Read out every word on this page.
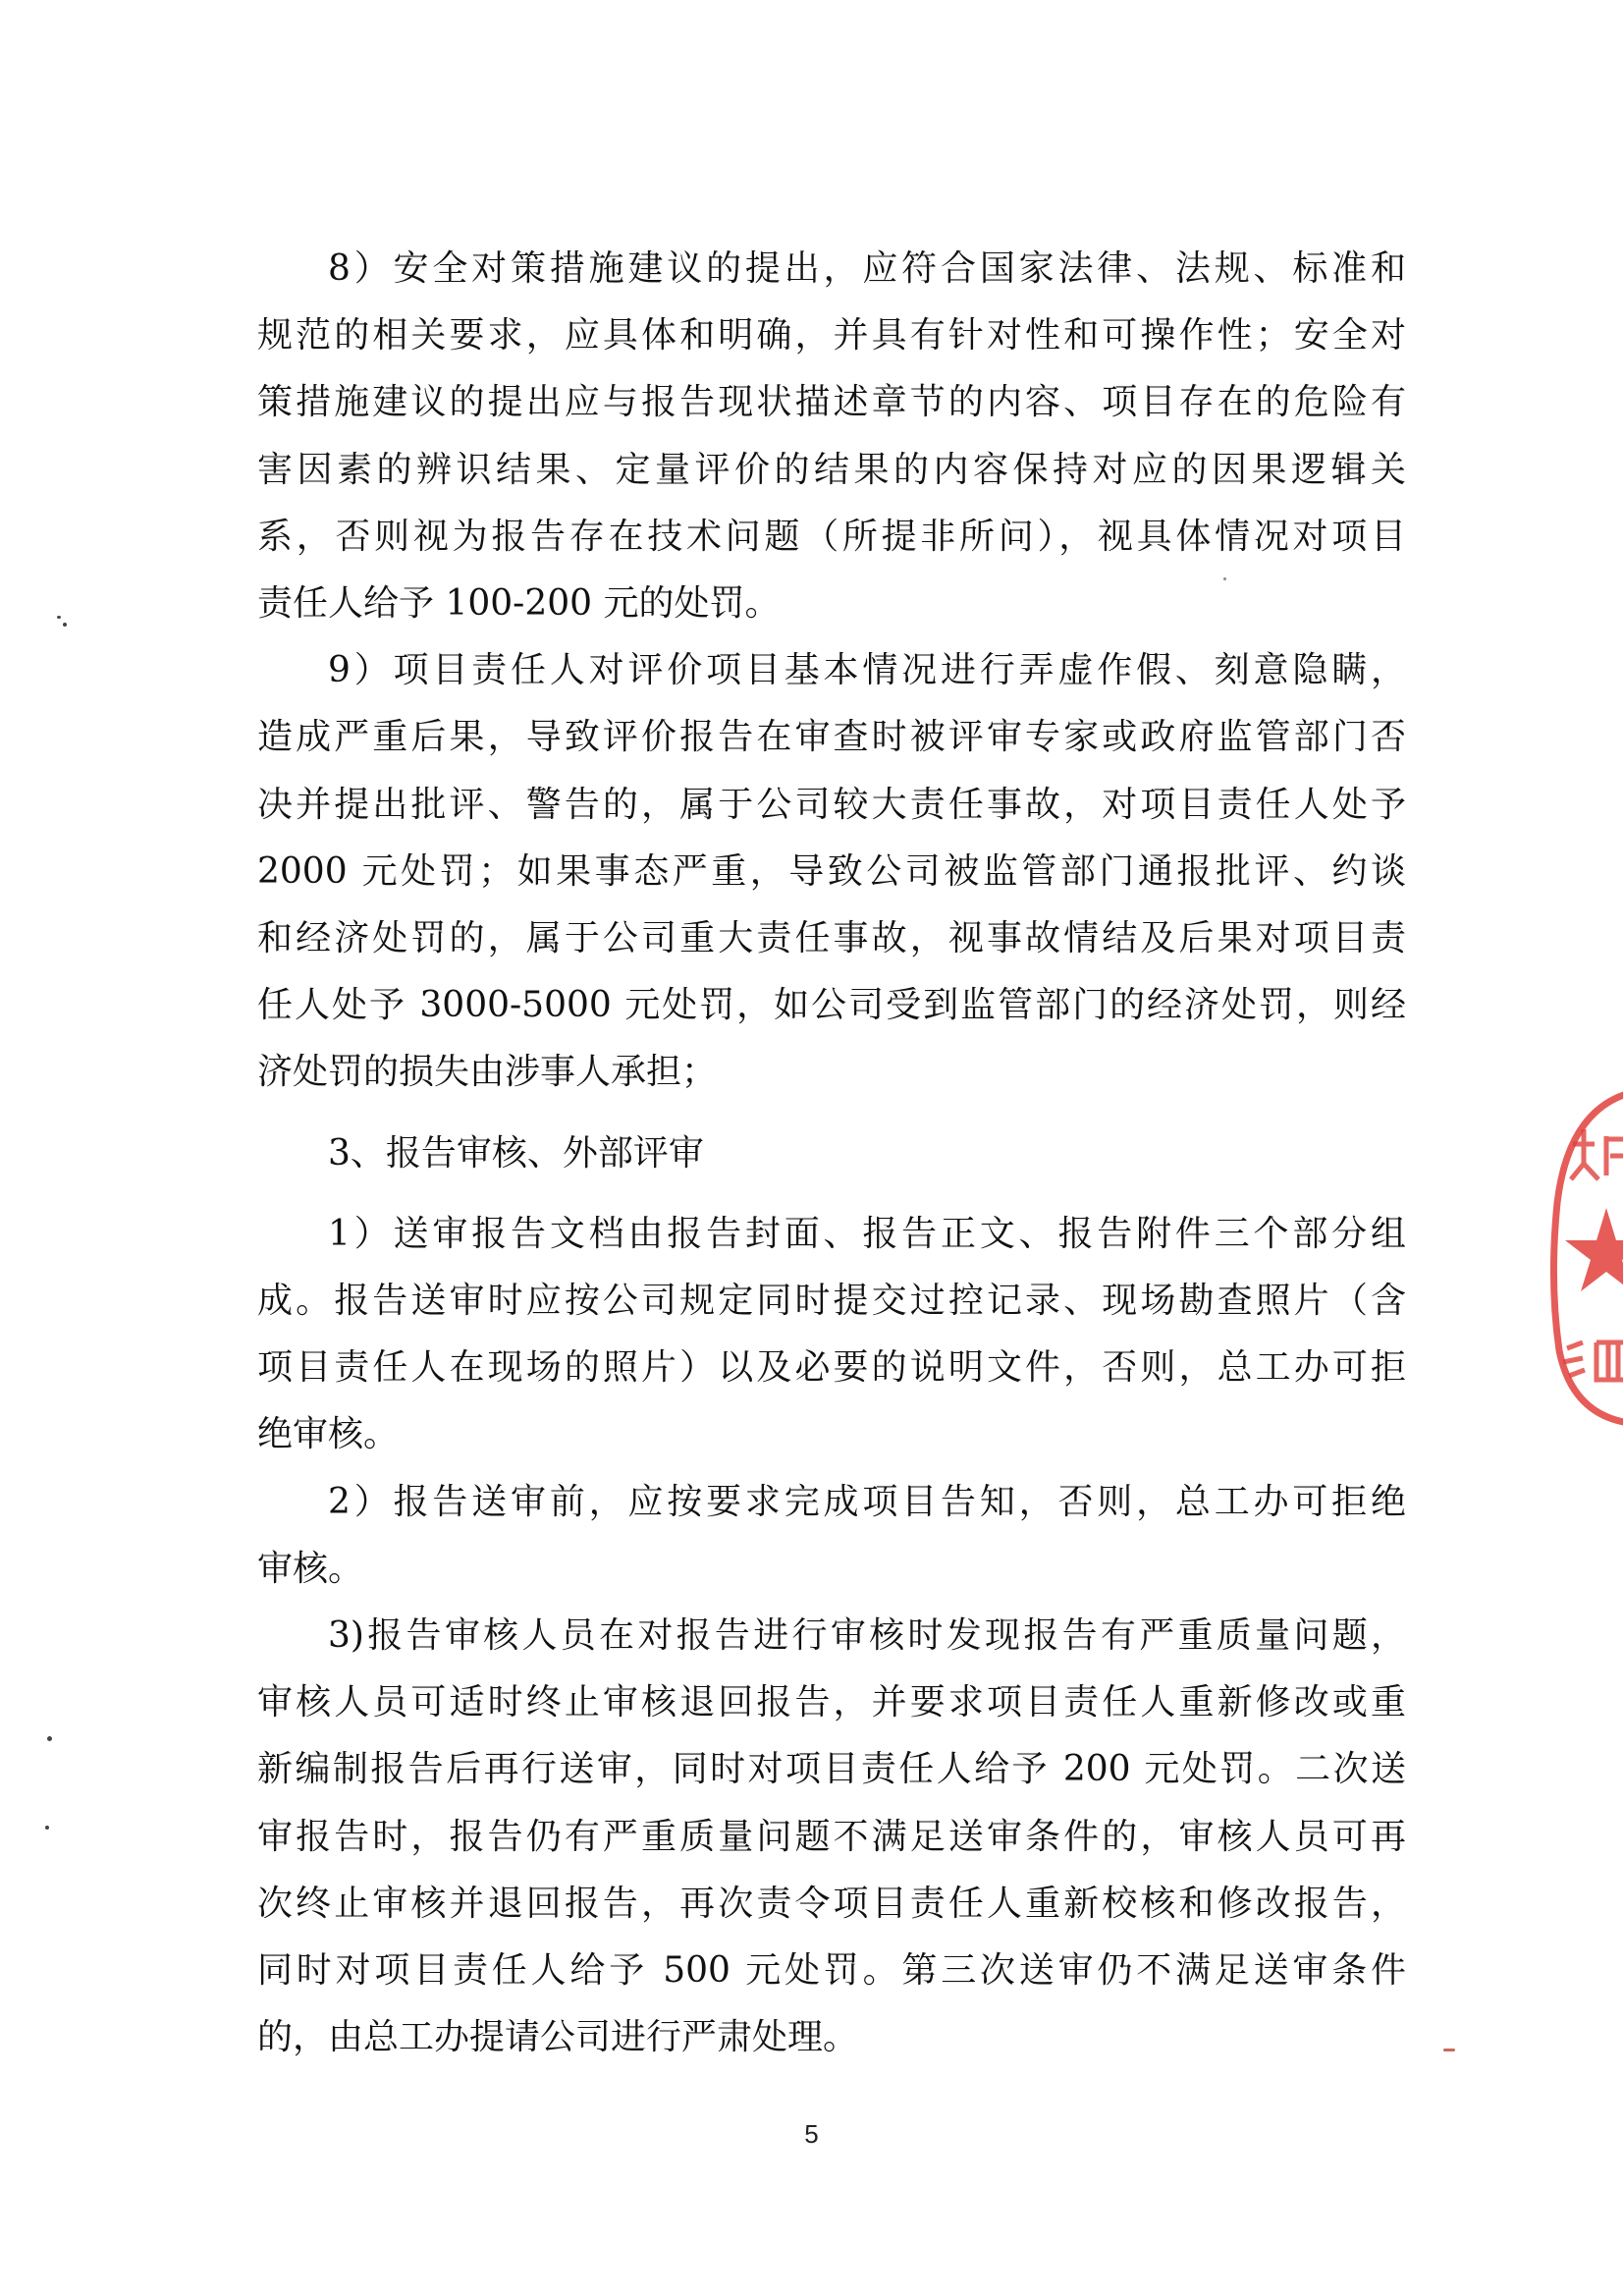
8）安全对策措施建议的提出，应符合国家法律、法规、标准和
规范的相关要求，应具体和明确，并具有针对性和可操作性；安全对
策措施建议的提出应与报告现状描述章节的内容、项目存在的危险有
害因素的辨识结果、定量评价的结果的内容保持对应的因果逻辑关
系，否则视为报告存在技术问题（所提非所问），视具体情况对项目
责任人给予 100-200 元的处罚。
9）项目责任人对评价项目基本情况进行弄虚作假、刻意隐瞒，
造成严重后果，导致评价报告在审查时被评审专家或政府监管部门否
决并提出批评、警告的，属于公司较大责任事故，对项目责任人处予
2000 元处罚；如果事态严重，导致公司被监管部门通报批评、约谈
和经济处罚的，属于公司重大责任事故，视事故情结及后果对项目责
任人处予 3000-5000 元处罚，如公司受到监管部门的经济处罚，则经
济处罚的损失由涉事人承担；
3、报告审核、外部评审
1）送审报告文档由报告封面、报告正文、报告附件三个部分组
成。报告送审时应按公司规定同时提交过控记录、现场勘查照片（含
项目责任人在现场的照片）以及必要的说明文件，否则，总工办可拒
绝审核。
2）报告送审前，应按要求完成项目告知，否则，总工办可拒绝
审核。
3)报告审核人员在对报告进行审核时发现报告有严重质量问题，
审核人员可适时终止审核退回报告，并要求项目责任人重新修改或重
新编制报告后再行送审，同时对项目责任人给予 200 元处罚。二次送
审报告时，报告仍有严重质量问题不满足送审条件的，审核人员可再
次终止审核并退回报告，再次责令项目责任人重新校核和修改报告，
同时对项目责任人给予 500 元处罚。第三次送审仍不满足送审条件
的，由总工办提请公司进行严肃处理。
5
